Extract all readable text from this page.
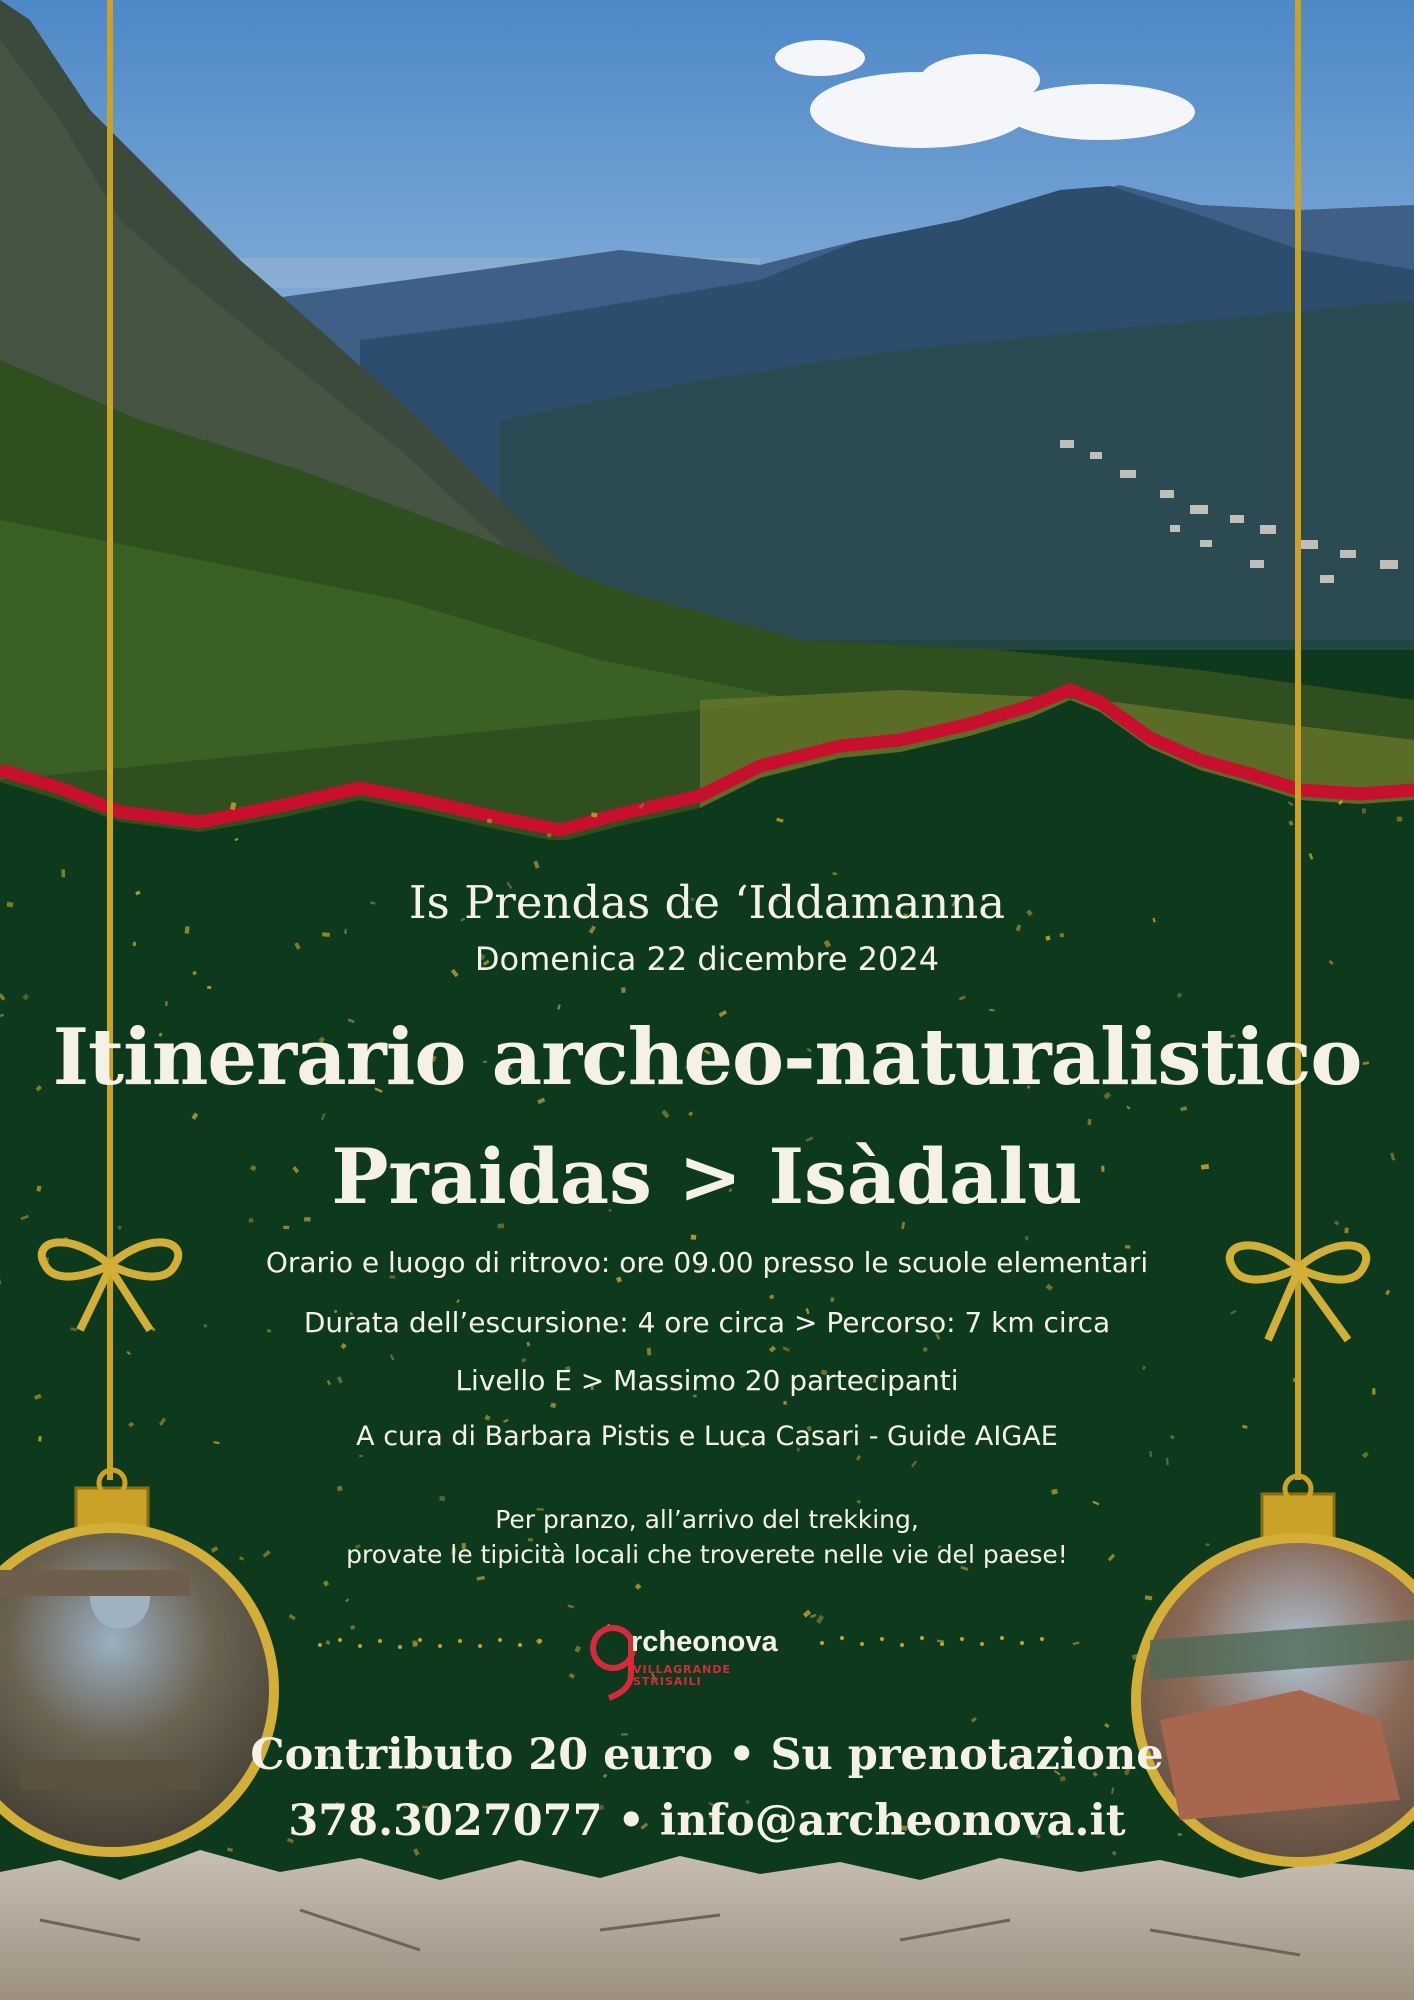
Is Prendas de ‘Iddamanna
Domenica 22 dicembre 2024
Itinerario archeo-naturalistico
Praidas > Isàdalu
Orario e luogo di ritrovo: ore 09.00 presso le scuole elementari
Durata dell’escursione: 4 ore circa > Percorso: 7 km circa
Livello E > Massimo 20 partecipanti
A cura di Barbara Pistis e Luca Casari - Guide AIGAE
Per pranzo, all’arrivo del trekking,
provate le tipicità locali che troverete nelle vie del paese!
rcheonova
VILLAGRANDE
STRISAILI
Contributo 20 euro • Su prenotazione
378.3027077 • info@archeonova.it
